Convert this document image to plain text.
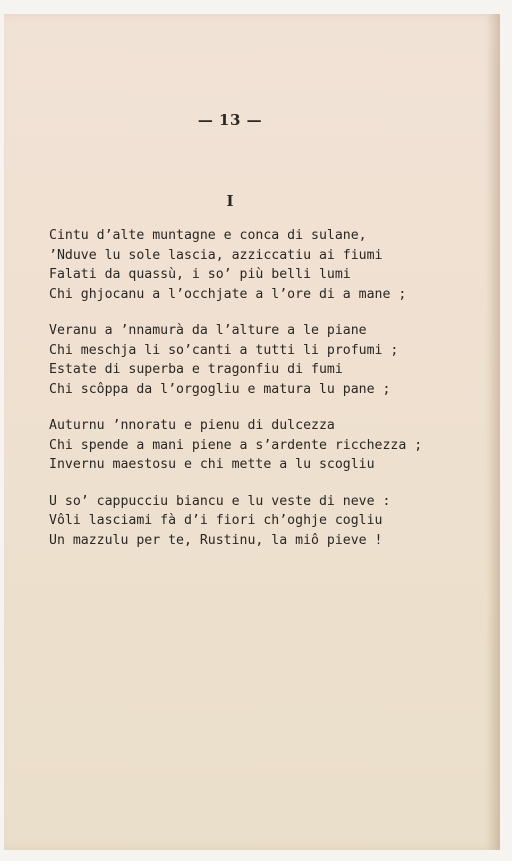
— 13 —
I
Cintu d’alte muntagne e conca di sulane,
’Nduve lu sole lascia, azziccatiu ai fiumi
Falati da quassù, i so’ più belli lumi
Chi ghjocanu a l’occhjate a l’ore di a mane ;
Veranu a ’nnamurà da l’alture a le piane
Chi meschja li so’canti a tutti li profumi ;
Estate di superba e tragonfiu di fumi
Chi scôppa da l’orgogliu e matura lu pane ;
Auturnu ’nnoratu e pienu di dulcezza
Chi spende a mani piene a s’ardente ricchezza ;
Invernu maestosu e chi mette a lu scogliu
U so’ cappucciu biancu e lu veste di neve :
Vôli lasciami fà d’i fiori ch’oghje cogliu
Un mazzulu per te, Rustinu, la miô pieve !
